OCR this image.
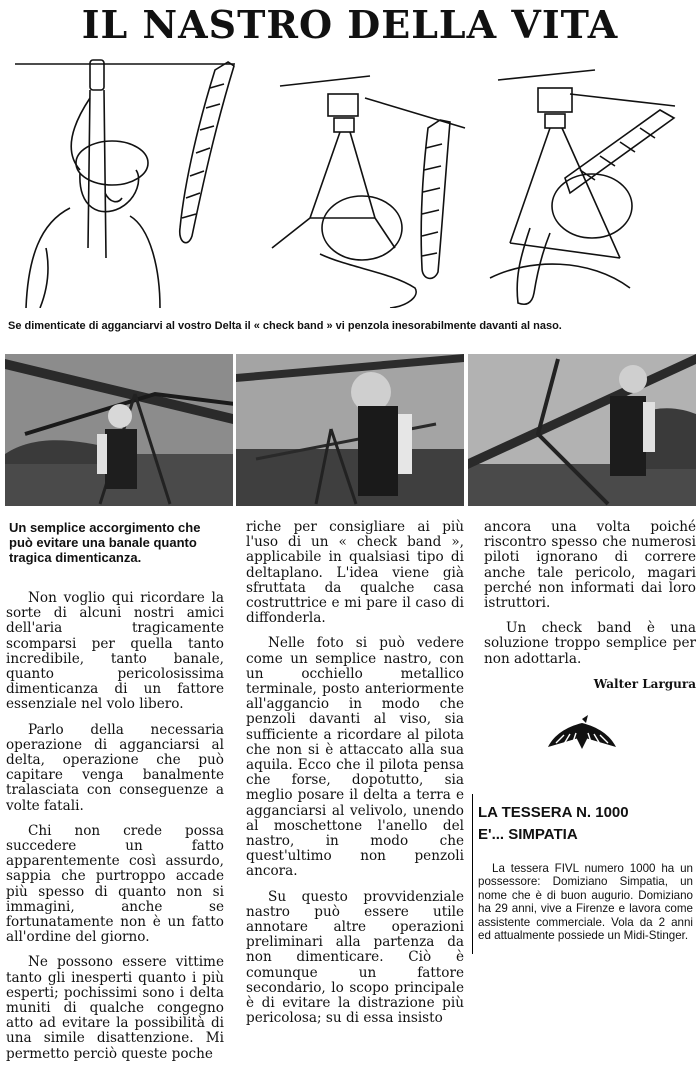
IL NASTRO DELLA VITA
Se dimenticate di agganciarvi al vostro Delta il « check band » vi penzola inesorabilmente davanti al naso.
Un semplice accorgimento che può evitare una banale quanto tragica dimenticanza.

Non voglio qui ricordare la sorte di alcuni nostri amici dell'aria tragicamente scomparsi per quella tanto incredibile, tanto banale, quanto pericolosissima dimenticanza di un fattore essenziale nel volo libero.

Parlo della necessaria operazione di agganciarsi al delta, operazione che può capitare venga banalmente tralasciata con conseguenze a volte fatali.

Chi non crede possa succedere un fatto apparentemente così assurdo, sappia che purtroppo accade più spesso di quanto non si immagini, anche se fortunatamente non è un fatto all'ordine del giorno.

Ne possono essere vittime tanto gli inesperti quanto i più esperti; pochissimi sono i delta muniti di qualche congegno atto ad evitare la possibilità di una simile disattenzione. Mi permetto perciò queste poche

riche per consigliare ai più l'uso di un « check band », applicabile in qualsiasi tipo di deltaplano. L'idea viene già sfruttata da qualche casa costruttrice e mi pare il caso di diffonderla.

Nelle foto si può vedere come un semplice nastro, con un occhiello metallico terminale, posto anteriormente all'aggancio in modo che penzoli davanti al viso, sia sufficiente a ricordare al pilota che non si è attaccato alla sua aquila. Ecco che il pilota pensa che forse, dopotutto, sia meglio posare il delta a terra e agganciarsi al velivolo, unendo al moschettone l'anello del nastro, in modo che quest'ultimo non penzoli ancora.

Su questo provvidenziale nastro può essere utile annotare altre operazioni preliminari alla partenza da non dimenticare. Ciò è comunque un fattore secondario, lo scopo principale è di evitare la distrazione più pericolosa; su di essa insisto

ancora una volta poiché riscontro spesso che numerosi piloti ignorano di correre anche tale pericolo, magari perché non informati dai loro istruttori.

Un check band è una soluzione troppo semplice per non adottarla.

Walter Largura
LA TESSERA N. 1000
E'... SIMPATIA
La tessera FIVL numero 1000 ha un possessore: Domiziano Simpatia, un nome che è di buon augurio. Domiziano ha 29 anni, vive a Firenze e lavora come assistente commerciale. Vola da 2 anni ed attualmente possiede un Midi-Stinger.
